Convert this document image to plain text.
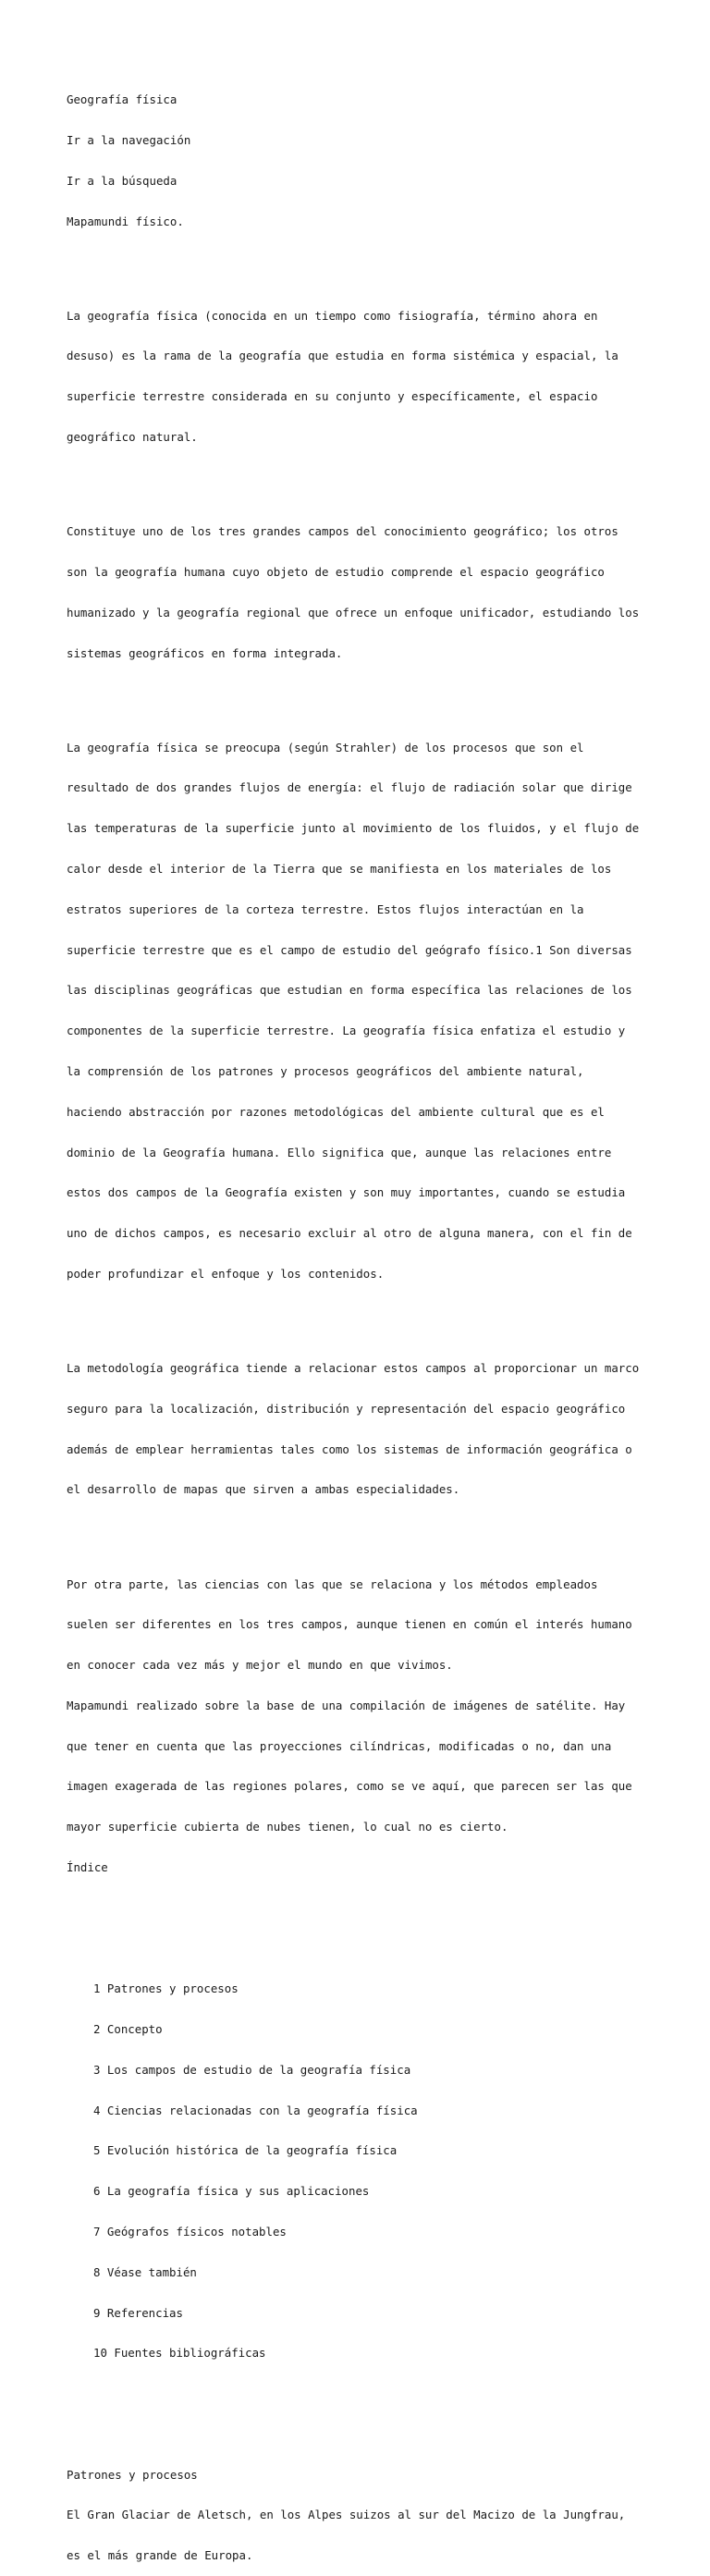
Geografía física

Ir a la navegación

Ir a la búsqueda

Mapamundi físico.

La geografía física (conocida en un tiempo como fisiografía, término ahora en

desuso) es la rama de la geografía que estudia en forma sistémica y espacial, la

superficie terrestre considerada en su conjunto y específicamente, el espacio

geográfico natural.

Constituye uno de los tres grandes campos del conocimiento geográfico; los otros

son la geografía humana cuyo objeto de estudio comprende el espacio geográfico

humanizado y la geografía regional que ofrece un enfoque unificador, estudiando los

sistemas geográficos en forma integrada.

La geografía física se preocupa (según Strahler) de los procesos que son el

resultado de dos grandes flujos de energía: el flujo de radiación solar que dirige

las temperaturas de la superficie junto al movimiento de los fluidos, y el flujo de

calor desde el interior de la Tierra que se manifiesta en los materiales de los

estratos superiores de la corteza terrestre. Estos flujos interactúan en la

superficie terrestre que es el campo de estudio del geógrafo físico.1 Son diversas

las disciplinas geográficas que estudian en forma específica las relaciones de los

componentes de la superficie terrestre. La geografía física enfatiza el estudio y

la comprensión de los patrones y procesos geográficos del ambiente natural,

haciendo abstracción por razones metodológicas del ambiente cultural que es el

dominio de la Geografía humana. Ello significa que, aunque las relaciones entre

estos dos campos de la Geografía existen y son muy importantes, cuando se estudia

uno de dichos campos, es necesario excluir al otro de alguna manera, con el fin de

poder profundizar el enfoque y los contenidos.

La metodología geográfica tiende a relacionar estos campos al proporcionar un marco

seguro para la localización, distribución y representación del espacio geográfico

además de emplear herramientas tales como los sistemas de información geográfica o

el desarrollo de mapas que sirven a ambas especialidades.

Por otra parte, las ciencias con las que se relaciona y los métodos empleados

suelen ser diferentes en los tres campos, aunque tienen en común el interés humano

en conocer cada vez más y mejor el mundo en que vivimos.

Mapamundi realizado sobre la base de una compilación de imágenes de satélite. Hay

que tener en cuenta que las proyecciones cilíndricas, modificadas o no, dan una

imagen exagerada de las regiones polares, como se ve aquí, que parecen ser las que

mayor superficie cubierta de nubes tienen, lo cual no es cierto.

Índice

1 Patrones y procesos

2 Concepto

3 Los campos de estudio de la geografía física

4 Ciencias relacionadas con la geografía física

5 Evolución histórica de la geografía física

6 La geografía física y sus aplicaciones

7 Geógrafos físicos notables

8 Véase también

9 Referencias

10 Fuentes bibliográficas

Patrones y procesos

El Gran Glaciar de Aletsch, en los Alpes suizos al sur del Macizo de la Jungfrau,

es el más grande de Europa.
